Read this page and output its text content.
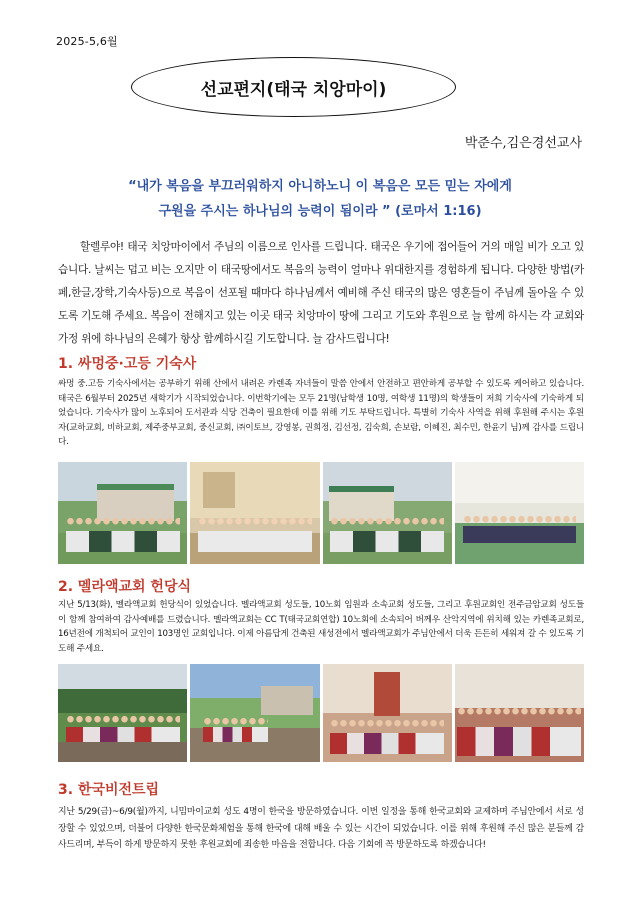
2025-5,6월
선교편지(태국 치앙마이)
박준수,김은경선교사
“내가 복음을 부끄러워하지 아니하노니 이 복음은 모든 믿는 자에게
구원을 주시는 하나님의 능력이 됨이라 ” (로마서 1:16)
할렐루야! 태국 치앙마이에서 주님의 이름으로 인사를 드립니다. 태국은 우기에 접어들어 거의 매일 비가 오고 있습니다. 날씨는 덥고 비는 오지만 이 태국땅에서도 복음의 능력이 얼마나 위대한지를 경험하게 됩니다. 다양한 방법(카페,한글,장학,기숙사등)으로 복음이 선포될 때마다 하나님께서 예비해 주신 태국의 많은 영혼들이 주님께 돌아올 수 있도록 기도해 주세요. 복음이 전해지고 있는 이곳 태국 치앙마이 땅에 그리고 기도와 후원으로 늘 함께 하시는 각 교회와 가정 위에 하나님의 은혜가 항상 함께하시길 기도합니다. 늘 감사드립니다!
1. 싸멍중·고등 기숙사
싸멍 중.고등 기숙사에서는 공부하기 위해 산에서 내려온 카렌족 자녀들이 말씀 안에서 안전하고 편안하게 공부할 수 있도록 케어하고 있습니다. 태국은 6월부터 2025년 새학기가 시작되었습니다. 이번학기에는 모두 21명(남학생 10명, 여학생 11명)의 학생들이 저희 기숙사에 기숙하게 되었습니다. 기숙사가 많이 노후되어 도서관과 식당 건축이 필요한데 이를 위해 기도 부탁드립니다. 특별히 기숙사 사역을 위해 후원해 주시는 후원자(교하교회, 비하교회, 제주중부교회, 중신교회, ㈜이토브, 강영봉, 권희정, 김선정, 김숙희, 손보람, 이혜진, 최수민, 한윤기 님)께 감사를 드립니다.
2. 멜라액교회 헌당식
지난 5/13(화), 멜라액교회 헌당식이 있었습니다. 멜라액교회 성도들, 10노회 임원과 소속교회 성도들, 그리고 후원교회인 전주금암교회 성도들이 함께 참여하여 감사예배를 드렸습니다. 멜라액교회는 CC T(태국교회연합) 10노회에 소속되어 버께우 산악지역에 위치해 있는 카렌족교회로, 16년전에 개척되어 교인이 103명인 교회입니다. 이제 아름답게 건축된 새성전에서 멜라액교회가 주님안에서 더욱 든든히 세워져 갈 수 있도록 기도해 주세요.
3. 한국비전트립
지난 5/29(금)~6/9(월)까지, 니밈마이교회 성도 4명이 한국을 방문하였습니다. 이번 일정을 통해 한국교회와 교제하며 주님안에서 서로 성장할 수 있었으며, 더불어 다양한 한국문화체험을 통해 한국에 대해 배울 수 있는 시간이 되었습니다. 이를 위해 후원해 주신 많은 분들께 감사드리며, 부득이 하게 방문하지 못한 후원교회에 죄송한 마음을 전합니다. 다음 기회에 꼭 방문하도록 하겠습니다!
